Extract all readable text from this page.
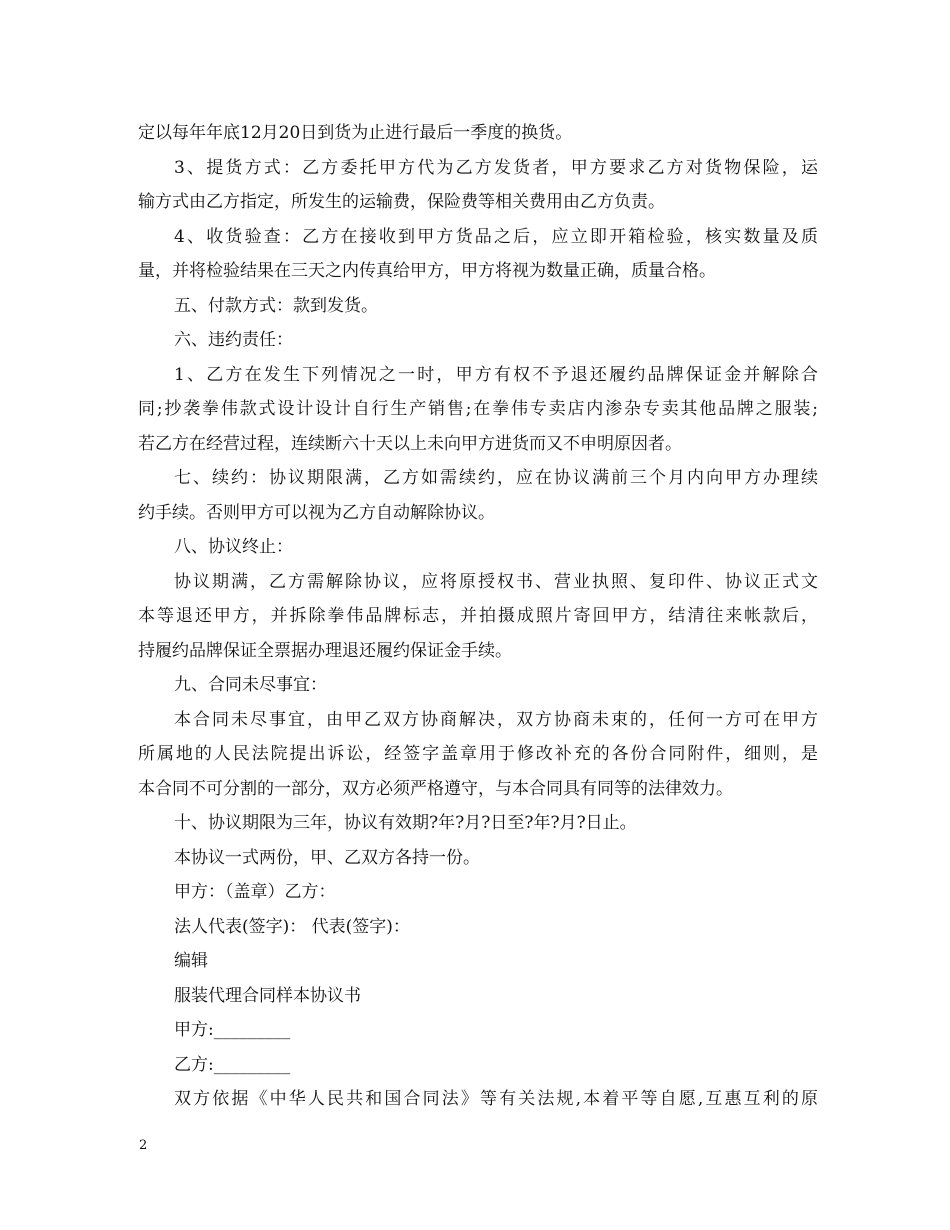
定以每年年底12月20日到货为止进行最后一季度的换货。
3、提货方式：乙方委托甲方代为乙方发货者，甲方要求乙方对货物保险，运
输方式由乙方指定，所发生的运输费，保险费等相关费用由乙方负责。
4、收货验查：乙方在接收到甲方货品之后，应立即开箱检验，核实数量及质
量，并将检验结果在三天之内传真给甲方，甲方将视为数量正确，质量合格。
五、付款方式：款到发货。
六、违约责任：
1、乙方在发生下列情况之一时，甲方有权不予退还履约品牌保证金并解除合
同;抄袭拳伟款式设计设计自行生产销售;在拳伟专卖店内渗杂专卖其他品牌之服装;
若乙方在经营过程，连续断六十天以上未向甲方进货而又不申明原因者。
七、续约：协议期限满，乙方如需续约，应在协议满前三个月内向甲方办理续
约手续。否则甲方可以视为乙方自动解除协议。
八、协议终止：
协议期满，乙方需解除协议，应将原授权书、营业执照、复印件、协议正式文
本等退还甲方，并拆除拳伟品牌标志，并拍摄成照片寄回甲方，结清往来帐款后，
持履约品牌保证全票据办理退还履约保证金手续。
九、合同未尽事宜：
本合同未尽事宜，由甲乙双方协商解决，双方协商未束的，任何一方可在甲方
所属地的人民法院提出诉讼，经签字盖章用于修改补充的各份合同附件，细则，是
本合同不可分割的一部分，双方必须严格遵守，与本合同具有同等的法律效力。
十、协议期限为三年，协议有效期?年?月?日至?年?月?日止。
本协议一式两份，甲、乙双方各持一份。
甲方：（盖章）乙方：
法人代表(签字)： 代表(签字)：
编辑
服装代理合同样本协议书
甲方:_________
乙方:_________
双方依据《中华人民共和国合同法》等有关法规,本着平等自愿,互惠互利的原
2
